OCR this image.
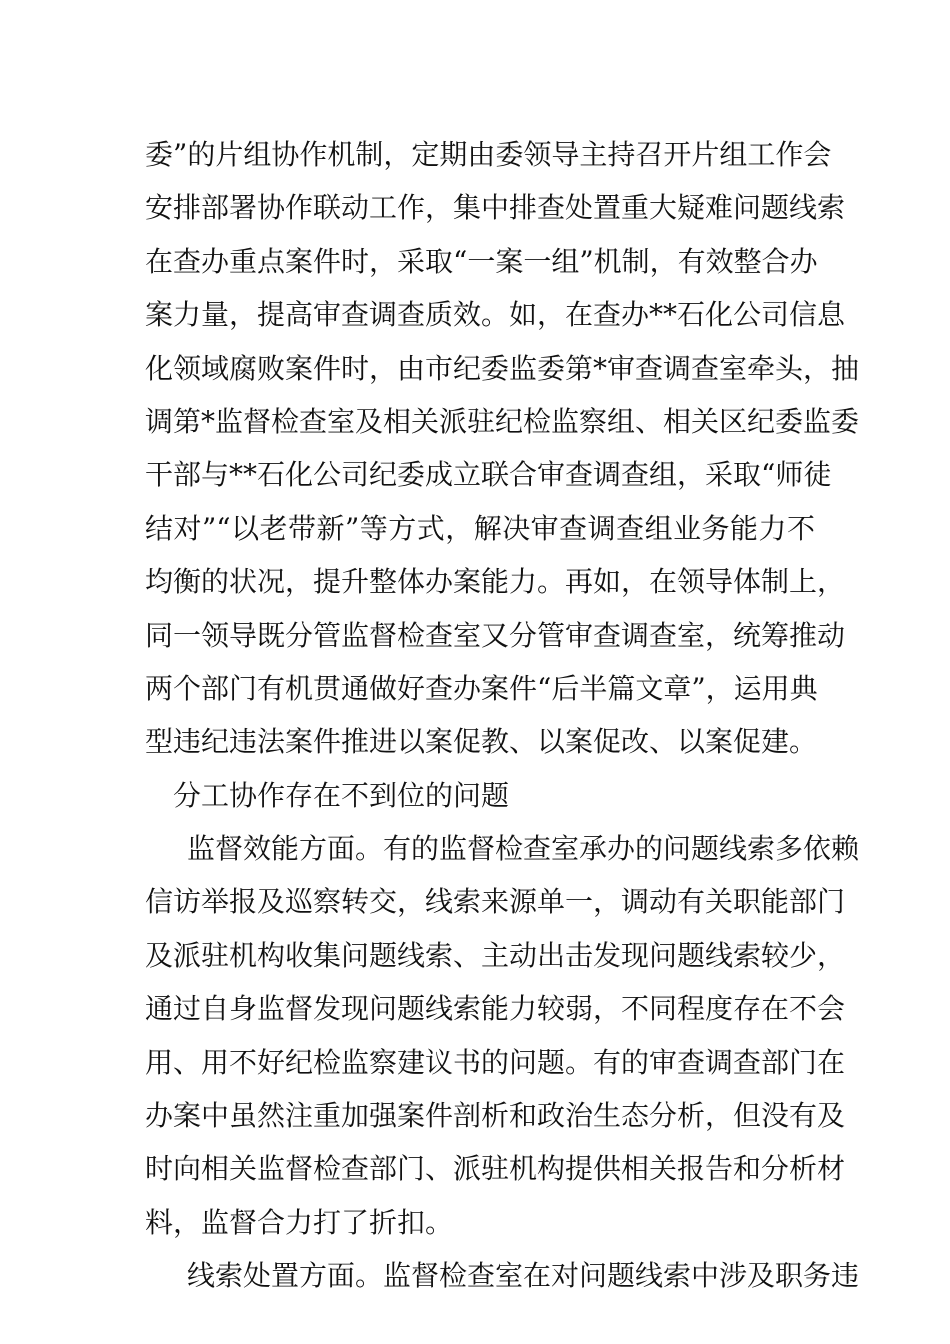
委”的片组协作机制，定期由委领导主持召开片组工作会
安排部署协作联动工作，集中排查处置重大疑难问题线索
在查办重点案件时，采取“一案一组”机制，有效整合办
案力量，提高审查调查质效。如，在查办**石化公司信息
化领域腐败案件时，由市纪委监委第*审查调查室牵头，抽
调第*监督检查室及相关派驻纪检监察组、相关区纪委监委
干部与**石化公司纪委成立联合审查调查组，采取“师徒
结对”“以老带新”等方式，解决审查调查组业务能力不
均衡的状况，提升整体办案能力。再如，在领导体制上，
同一领导既分管监督检查室又分管审查调查室，统筹推动
两个部门有机贯通做好查办案件“后半篇文章”，运用典
型违纪违法案件推进以案促教、以案促改、以案促建。
分工协作存在不到位的问题
监督效能方面。有的监督检查室承办的问题线索多依赖
信访举报及巡察转交，线索来源单一，调动有关职能部门
及派驻机构收集问题线索、主动出击发现问题线索较少，
通过自身监督发现问题线索能力较弱，不同程度存在不会
用、用不好纪检监察建议书的问题。有的审查调查部门在
办案中虽然注重加强案件剖析和政治生态分析，但没有及
时向相关监督检查部门、派驻机构提供相关报告和分析材
料，监督合力打了折扣。
线索处置方面。监督检查室在对问题线索中涉及职务违
